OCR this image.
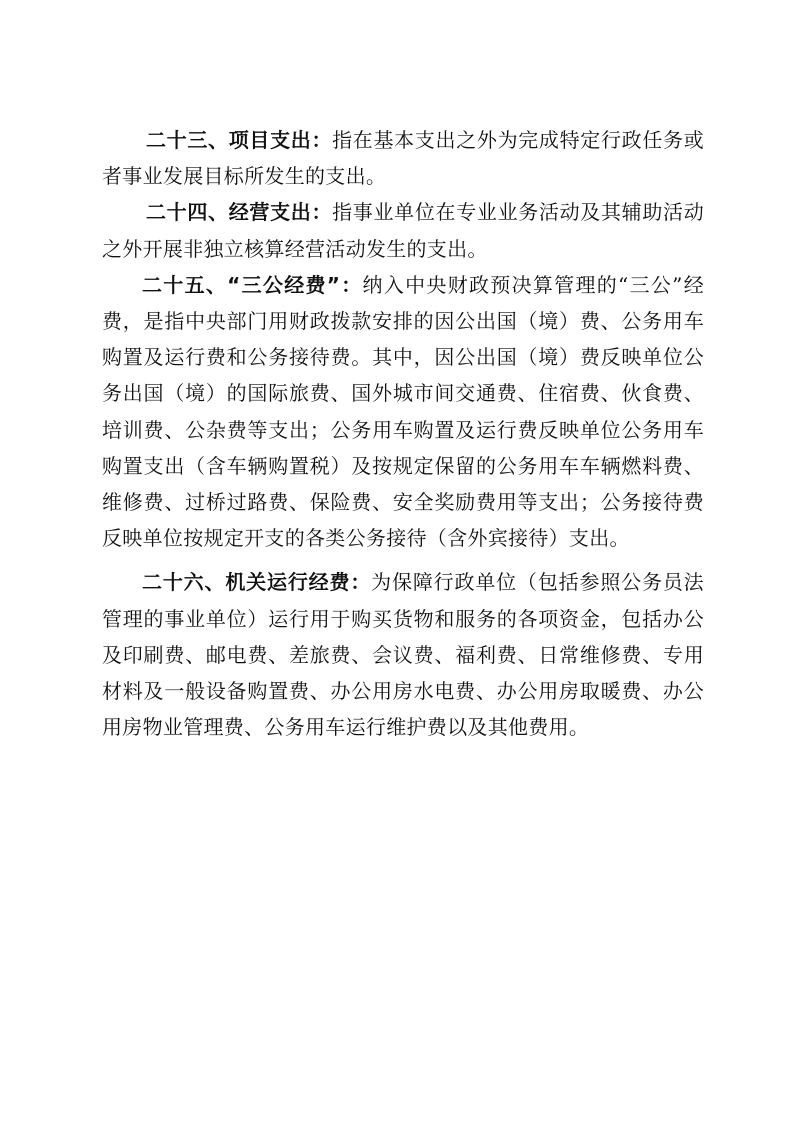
二十三、项目支出：指在基本支出之外为完成特定行政任务或者事业发展目标所发生的支出。

二十四、经营支出：指事业单位在专业业务活动及其辅助活动之外开展非独立核算经营活动发生的支出。

二十五、“三公经费”：纳入中央财政预决算管理的“三公”经费，是指中央部门用财政拨款安排的因公出国（境）费、公务用车购置及运行费和公务接待费。其中，因公出国（境）费反映单位公务出国（境）的国际旅费、国外城市间交通费、住宿费、伙食费、培训费、公杂费等支出；公务用车购置及运行费反映单位公务用车购置支出（含车辆购置税）及按规定保留的公务用车车辆燃料费、维修费、过桥过路费、保险费、安全奖励费用等支出；公务接待费反映单位按规定开支的各类公务接待（含外宾接待）支出。

二十六、机关运行经费：为保障行政单位（包括参照公务员法管理的事业单位）运行用于购买货物和服务的各项资金，包括办公及印刷费、邮电费、差旅费、会议费、福利费、日常维修费、专用材料及一般设备购置费、办公用房水电费、办公用房取暖费、办公用房物业管理费、公务用车运行维护费以及其他费用。
